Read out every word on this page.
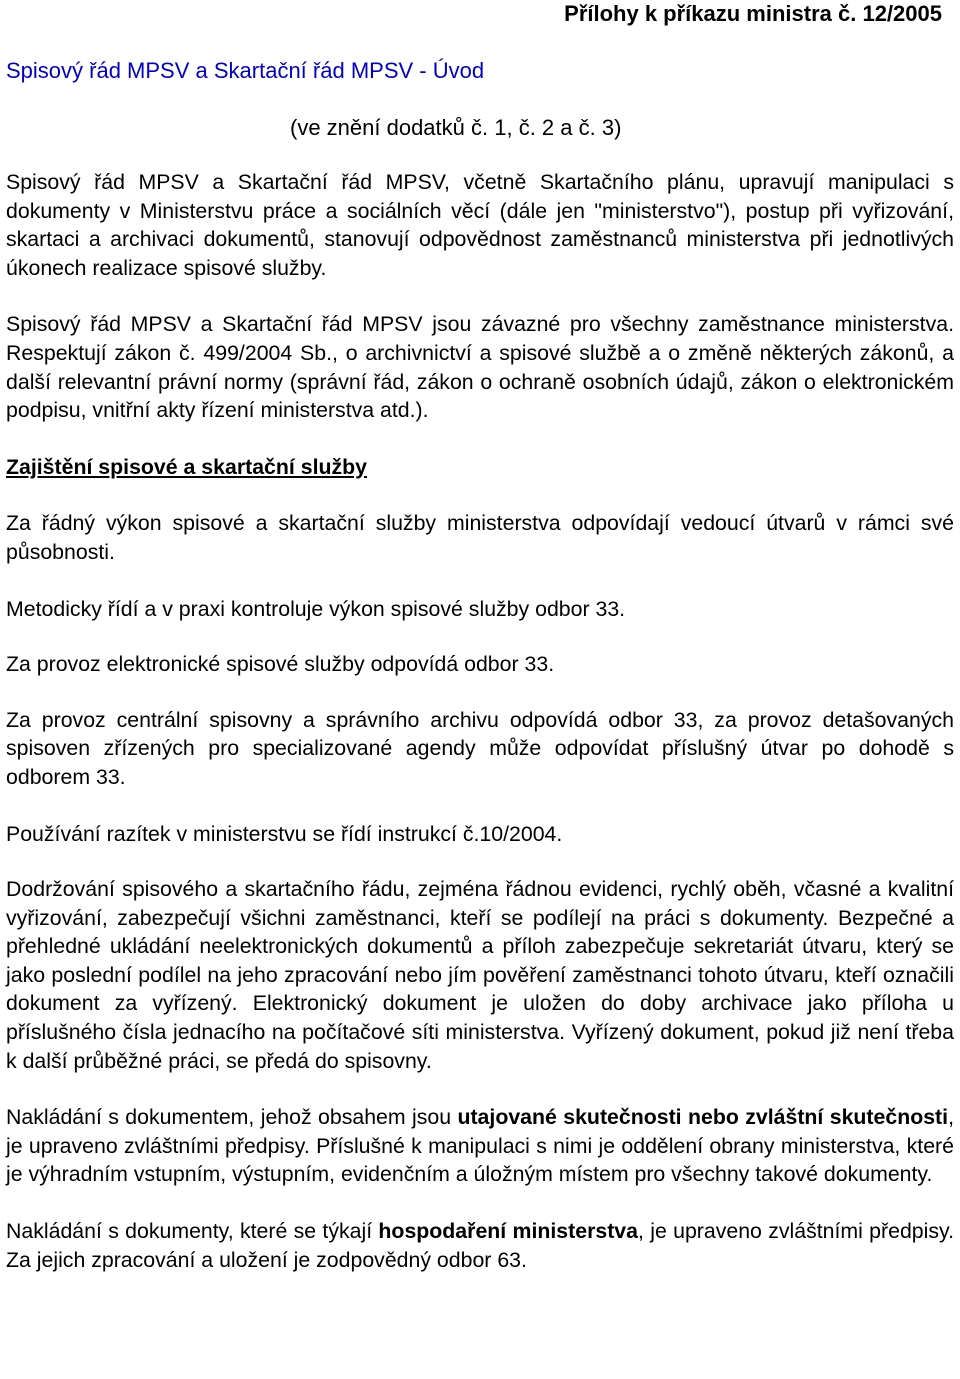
Přílohy k příkazu ministra č. 12/2005
Spisový řád MPSV a Skartační řád MPSV - Úvod
(ve znění dodatků č. 1, č. 2 a č. 3)

Spisový řád MPSV a Skartační řád MPSV, včetně Skartačního plánu, upravují manipulaci s dokumenty v Ministerstvu práce a sociálních věcí (dále jen "ministerstvo"), postup při vyřizování, skartaci a archivaci dokumentů, stanovují odpovědnost zaměstnanců ministerstva při jednotlivých úkonech realizace spisové služby.

Spisový řád MPSV a Skartační řád MPSV jsou závazné pro všechny zaměstnance ministerstva. Respektují zákon č. 499/2004 Sb., o archivnictví a spisové službě a o změně některých zákonů, a další relevantní právní normy (správní řád, zákon o ochraně osobních údajů, zákon o elektronickém podpisu, vnitřní akty řízení ministerstva atd.).

Zajištění spisové a skartační služby

Za řádný výkon spisové a skartační služby ministerstva odpovídají vedoucí útvarů v rámci své působnosti.

Metodicky řídí a v praxi kontroluje výkon spisové služby odbor 33.

Za provoz elektronické spisové služby odpovídá odbor 33.

Za provoz centrální spisovny a správního archivu odpovídá odbor 33, za provoz detašovaných spisoven zřízených pro specializované agendy může odpovídat příslušný útvar po dohodě s odborem 33.

Používání razítek v ministerstvu se řídí instrukcí č.10/2004.

Dodržování spisového a skartačního řádu, zejména řádnou evidenci, rychlý oběh, včasné a kvalitní vyřizování, zabezpečují všichni zaměstnanci, kteří se podílejí na práci s dokumenty. Bezpečné a přehledné ukládání neelektronických dokumentů a příloh zabezpečuje sekretariát útvaru, který se jako poslední podílel na jeho zpracování nebo jím pověření zaměstnanci tohoto útvaru, kteří označili dokument za vyřízený. Elektronický dokument je uložen do doby archivace jako příloha u příslušného čísla jednacího na počítačové síti ministerstva. Vyřízený dokument, pokud již není třeba k další průběžné práci, se předá do spisovny.

Nakládání s dokumentem, jehož obsahem jsou utajované skutečnosti nebo zvláštní skutečnosti, je upraveno zvláštními předpisy. Příslušné k manipulaci s nimi je oddělení obrany ministerstva, které je výhradním vstupním, výstupním, evidenčním a úložným místem pro všechny takové dokumenty.

Nakládání s dokumenty, které se týkají hospodaření ministerstva, je upraveno zvláštními předpisy. Za jejich zpracování a uložení je zodpovědný odbor 63.
